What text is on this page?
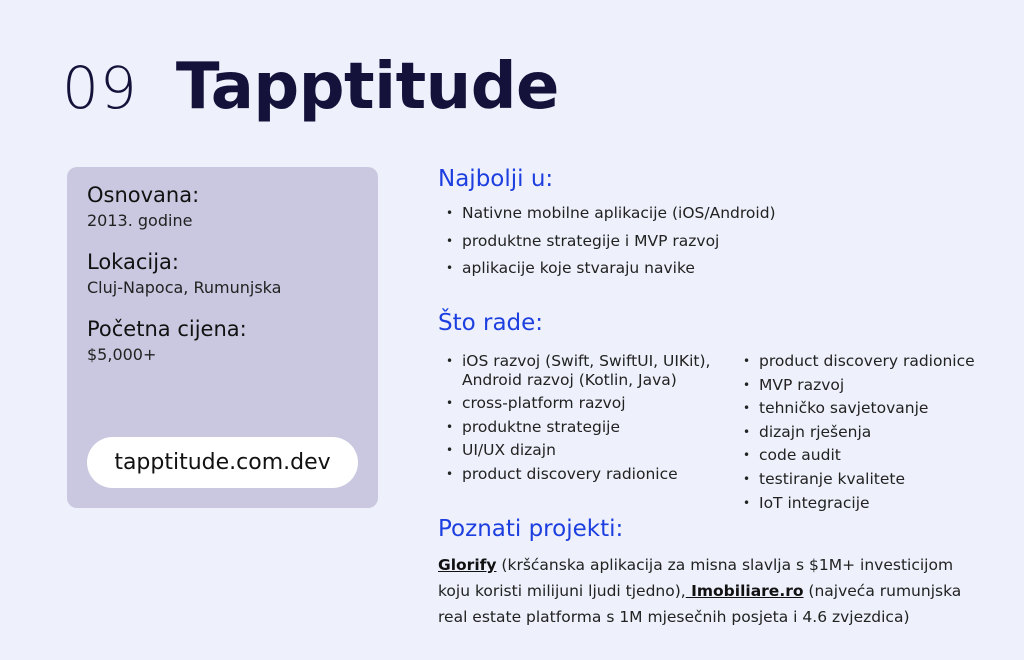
09 Tapptitude

Osnovana:

2013. godine

Lokacija:

Cluj-Napoca, Rumunjska

Početna cijena:

$5,000+

tapptitude.com.dev
Najbolji u:
• Nativne mobilne aplikacije (iOS/Android)
• produktne strategije i MVP razvoj
• aplikacije koje stvaraju navike
Što rade:
• iOS razvoj (Swift, SwiftUI, UIKit), Android razvoj (Kotlin, Java)
• cross-platform razvoj
• produktne strategije
• UI/UX dizajn
• product discovery radionice
• product discovery radionice
• MVP razvoj
• tehničko savjetovanje
• dizajn rješenja
• code audit
• testiranje kvalitete
• IoT integracije
Poznati projekti:

Glorify (kršćanska aplikacija za misna slavlja s $1M+ investicijom koju koristi milijuni ljudi tjedno), Imobiliare.ro (najveća rumunjska real estate platforma s 1M mjesečnih posjeta i 4.6 zvjezdica)
